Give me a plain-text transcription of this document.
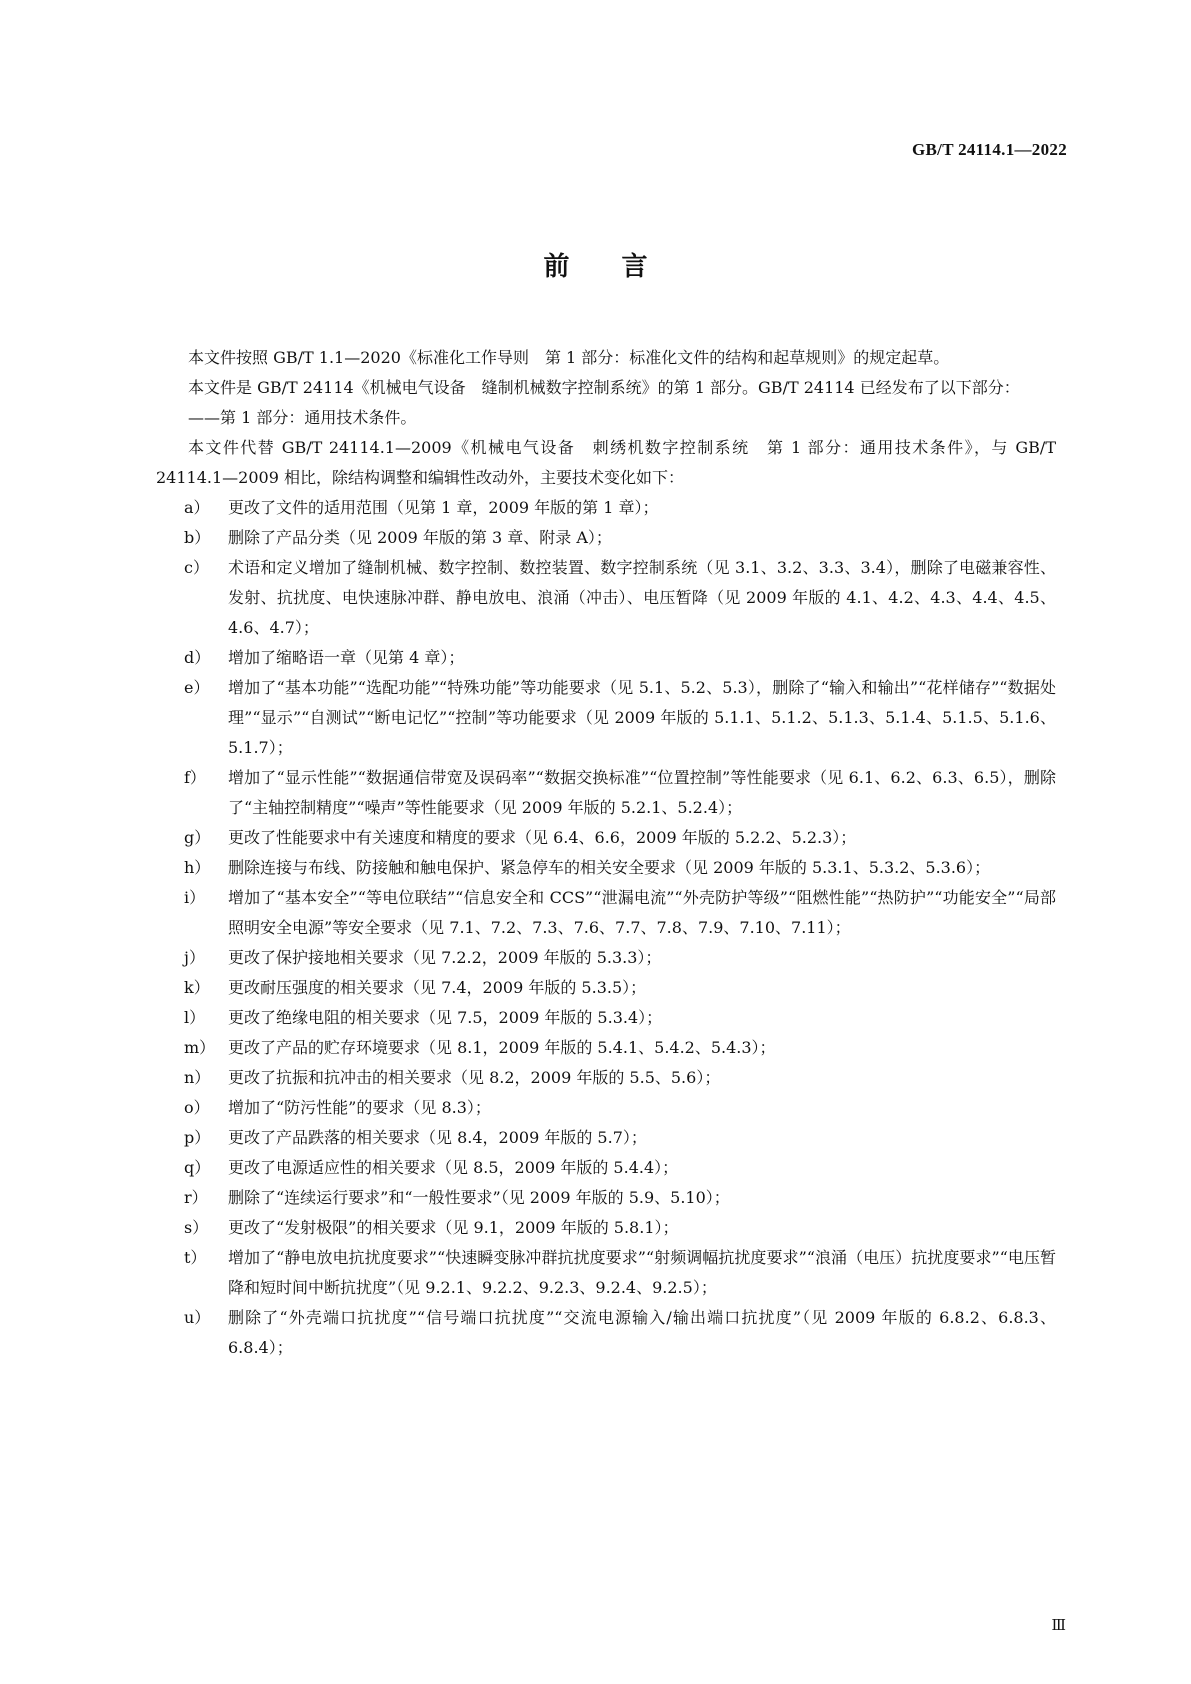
GB/T 24114.1—2022
前　　言

本文件按照 GB/T 1.1—2020《标准化工作导则　第 1 部分：标准化文件的结构和起草规则》的规定起草。

本文件是 GB/T 24114《机械电气设备　缝制机械数字控制系统》的第 1 部分。GB/T 24114 已经发布了以下部分：

——第 1 部分：通用技术条件。

本文件代替 GB/T 24114.1—2009《机械电气设备　刺绣机数字控制系统　第 1 部分：通用技术条件》，与 GB/T 24114.1—2009 相比，除结构调整和编辑性改动外，主要技术变化如下：

a）	更改了文件的适用范围（见第 1 章，2009 年版的第 1 章）；
b）	删除了产品分类（见 2009 年版的第 3 章、附录 A）；
c）	术语和定义增加了缝制机械、数字控制、数控装置、数字控制系统（见 3.1、3.2、3.3、3.4），删除了电磁兼容性、发射、抗扰度、电快速脉冲群、静电放电、浪涌（冲击）、电压暂降（见 2009 年版的 4.1、4.2、4.3、4.4、4.5、4.6、4.7）；
d）	增加了缩略语一章（见第 4 章）；
e）	增加了“基本功能”“选配功能”“特殊功能”等功能要求（见 5.1、5.2、5.3），删除了“输入和输出”“花样储存”“数据处理”“显示”“自测试”“断电记忆”“控制”等功能要求（见 2009 年版的 5.1.1、5.1.2、5.1.3、5.1.4、5.1.5、5.1.6、5.1.7）；
f）	增加了“显示性能”“数据通信带宽及误码率”“数据交换标准”“位置控制”等性能要求（见 6.1、6.2、6.3、6.5），删除了“主轴控制精度”“噪声”等性能要求（见 2009 年版的 5.2.1、5.2.4）；
g）	更改了性能要求中有关速度和精度的要求（见 6.4、6.6，2009 年版的 5.2.2、5.2.3）；
h）	删除连接与布线、防接触和触电保护、紧急停车的相关安全要求（见 2009 年版的 5.3.1、5.3.2、5.3.6）；
i）	增加了“基本安全”“等电位联结”“信息安全和 CCS”“泄漏电流”“外壳防护等级”“阻燃性能”“热防护”“功能安全”“局部照明安全电源”等安全要求（见 7.1、7.2、7.3、7.6、7.7、7.8、7.9、7.10、7.11）；
j）	更改了保护接地相关要求（见 7.2.2，2009 年版的 5.3.3）；
k）	更改耐压强度的相关要求（见 7.4，2009 年版的 5.3.5）；
l）	更改了绝缘电阻的相关要求（见 7.5，2009 年版的 5.3.4）；
m） 更改了产品的贮存环境要求（见 8.1，2009 年版的 5.4.1、5.4.2、5.4.3）；
n）	更改了抗振和抗冲击的相关要求（见 8.2，2009 年版的 5.5、5.6）；
o）	增加了“防污性能”的要求（见 8.3）；
p）	更改了产品跌落的相关要求（见 8.4，2009 年版的 5.7）；
q）	更改了电源适应性的相关要求（见 8.5，2009 年版的 5.4.4）；
r）	删除了“连续运行要求”和“一般性要求”（见 2009 年版的 5.9、5.10）；
s）	更改了“发射极限”的相关要求（见 9.1，2009 年版的 5.8.1）；
t）	增加了“静电放电抗扰度要求”“快速瞬变脉冲群抗扰度要求”“射频调幅抗扰度要求”“浪涌（电压）抗扰度要求”“电压暂降和短时间中断抗扰度”（见 9.2.1、9.2.2、9.2.3、9.2.4、9.2.5）；
u）	删除了“外壳端口抗扰度”“信号端口抗扰度”“交流电源输入/输出端口抗扰度”（见 2009 年版的 6.8.2、6.8.3、6.8.4）；
Ⅲ
